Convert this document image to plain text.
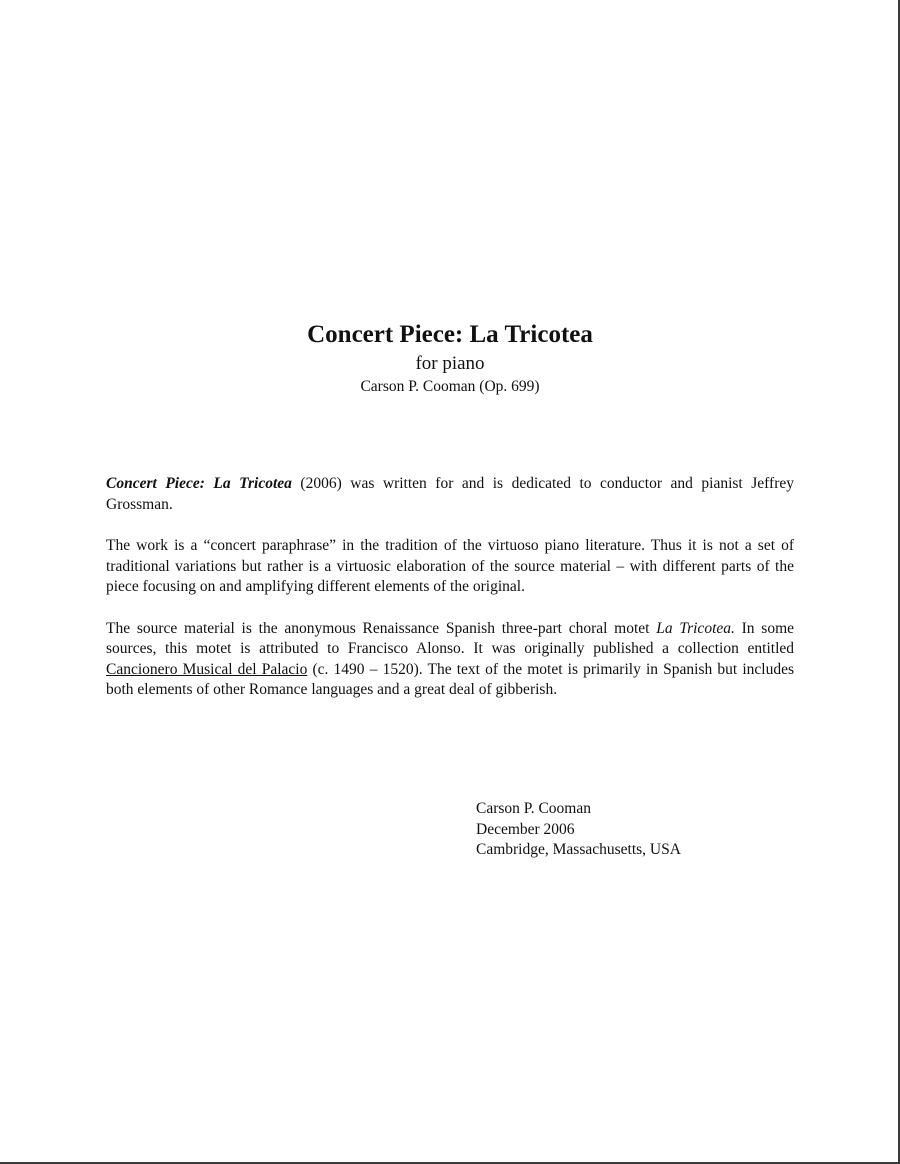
Concert Piece: La Tricotea
for piano
Carson P. Cooman (Op. 699)

Concert Piece: La Tricotea (2006) was written for and is dedicated to conductor and pianist Jeffrey Grossman.

The work is a “concert paraphrase” in the tradition of the virtuoso piano literature. Thus it is not a set of traditional variations but rather is a virtuosic elaboration of the source material – with different parts of the piece focusing on and amplifying different elements of the original.

The source material is the anonymous Renaissance Spanish three-part choral motet La Tricotea. In some sources, this motet is attributed to Francisco Alonso. It was originally published a collection entitled Cancionero Musical del Palacio (c. 1490 – 1520). The text of the motet is primarily in Spanish but includes both elements of other Romance languages and a great deal of gibberish.

Carson P. Cooman
December 2006
Cambridge, Massachusetts, USA
